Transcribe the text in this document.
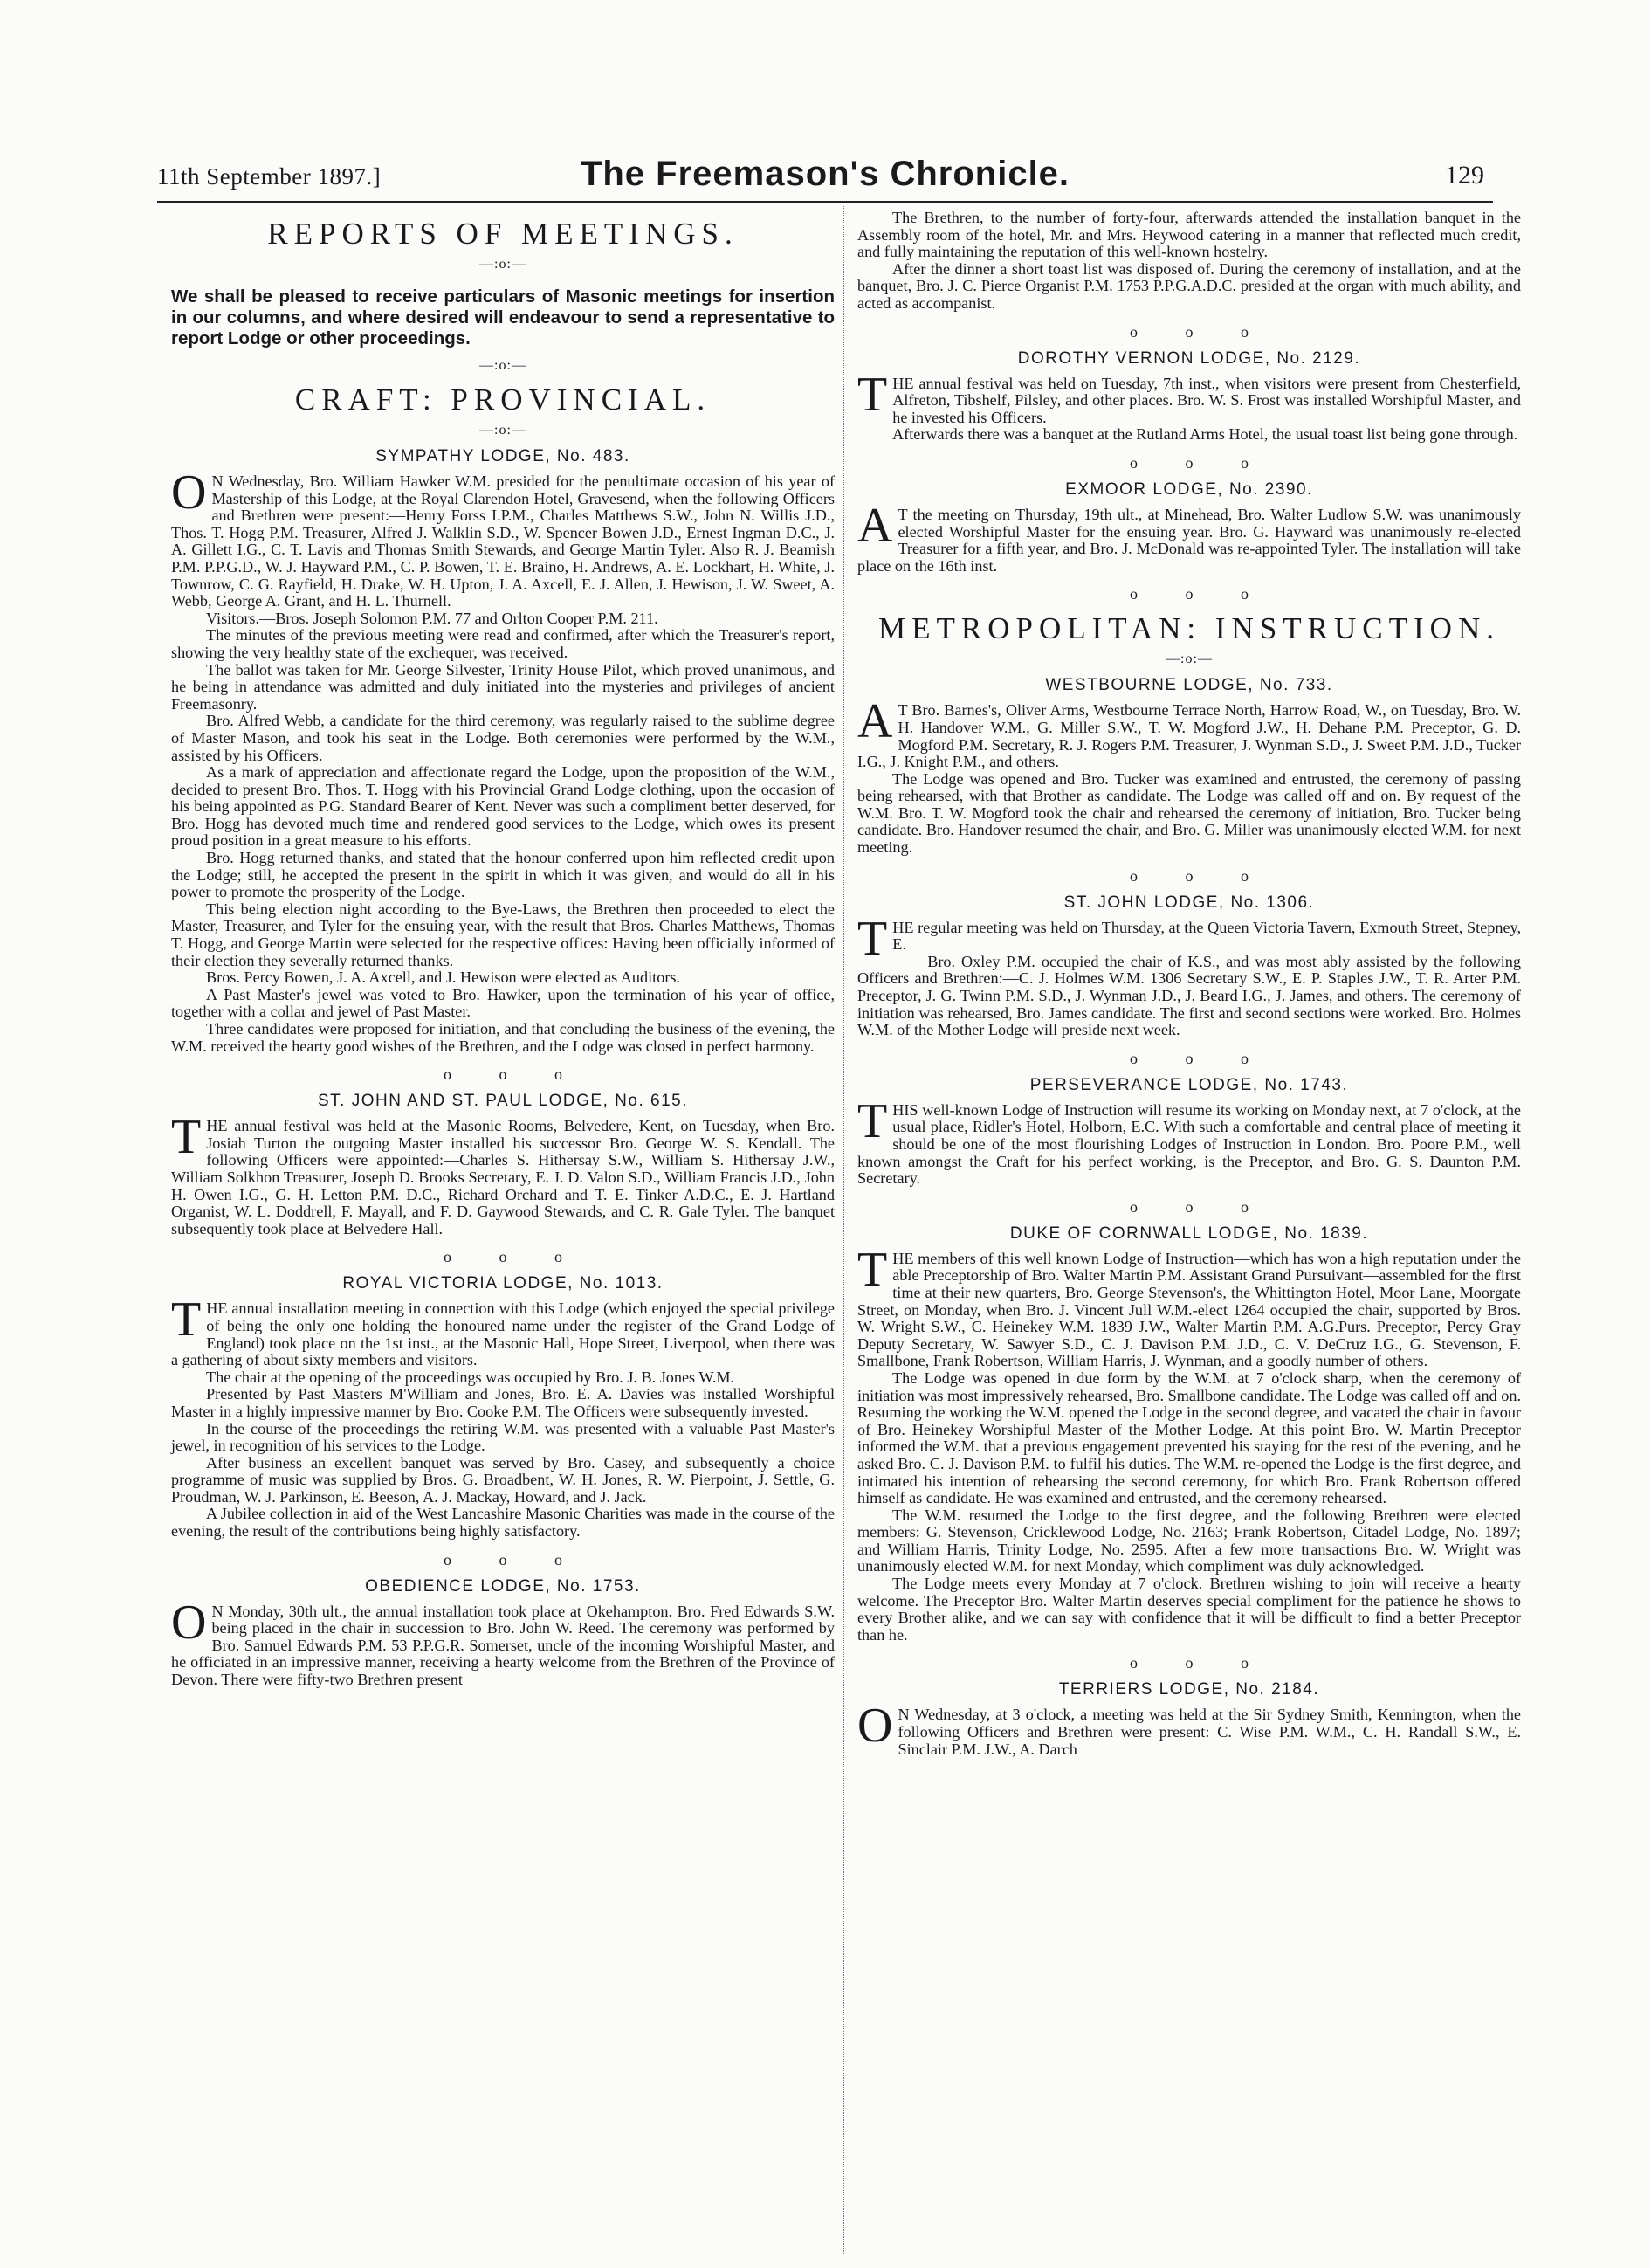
11th September 1897.]	The Freemason's Chronicle.	129
REPORTS OF MEETINGS.
—:o:—
We shall be pleased to receive particulars of Masonic meetings for insertion in our columns, and where desired will endeavour to send a representative to report Lodge or other proceedings.
—:o:—
CRAFT: PROVINCIAL.
—:o:—
SYMPATHY LODGE, No. 483.

O N Wednesday, Bro. William Hawker W.M. presided for the penultimate occasion of his year of Mastership of this Lodge, at the Royal Clarendon Hotel, Gravesend, when the following Officers and Brethren were present:—Henry Forss I.P.M., Charles Matthews S.W., John N. Willis J.D., Thos. T. Hogg P.M. Treasurer, Alfred J. Walklin S.D., W. Spencer Bowen J.D., Ernest Ingman D.C., J. A. Gillett I.G., C. T. Lavis and Thomas Smith Stewards, and George Martin Tyler. Also R. J. Beamish P.M. P.P.G.D., W. J. Hayward P.M., C. P. Bowen, T. E. Braino, H. Andrews, A. E. Lockhart, H. White, J. Townrow, C. G. Rayfield, H. Drake, W. H. Upton, J. A. Axcell, E. J. Allen, J. Hewison, J. W. Sweet, A. Webb, George A. Grant, and H. L. Thurnell.

Visitors.—Bros. Joseph Solomon P.M. 77 and Orlton Cooper P.M. 211.

The minutes of the previous meeting were read and confirmed, after which the Treasurer's report, showing the very healthy state of the exchequer, was received.

The ballot was taken for Mr. George Silvester, Trinity House Pilot, which proved unanimous, and he being in attendance was admitted and duly initiated into the mysteries and privileges of ancient Freemasonry.

Bro. Alfred Webb, a candidate for the third ceremony, was regularly raised to the sublime degree of Master Mason, and took his seat in the Lodge. Both ceremonies were performed by the W.M., assisted by his Officers.

As a mark of appreciation and affectionate regard the Lodge, upon the proposition of the W.M., decided to present Bro. Thos. T. Hogg with his Provincial Grand Lodge clothing, upon the occasion of his being appointed as P.G. Standard Bearer of Kent. Never was such a compliment better deserved, for Bro. Hogg has devoted much time and rendered good services to the Lodge, which owes its present proud position in a great measure to his efforts.

Bro. Hogg returned thanks, and stated that the honour conferred upon him reflected credit upon the Lodge; still, he accepted the present in the spirit in which it was given, and would do all in his power to promote the prosperity of the Lodge.

This being election night according to the Bye-Laws, the Brethren then proceeded to elect the Master, Treasurer, and Tyler for the ensuing year, with the result that Bros. Charles Matthews, Thomas T. Hogg, and George Martin were selected for the respective offices: Having been officially informed of their election they severally returned thanks.

Bros. Percy Bowen, J. A. Axcell, and J. Hewison were elected as Auditors.

A Past Master's jewel was voted to Bro. Hawker, upon the termination of his year of office, together with a collar and jewel of Past Master.

Three candidates were proposed for initiation, and that concluding the business of the evening, the W.M. received the hearty good wishes of the Brethren, and the Lodge was closed in perfect harmony.

o o o
ST. JOHN AND ST. PAUL LODGE, No. 615.

THE annual festival was held at the Masonic Rooms, Belvedere, Kent, on Tuesday, when Bro. Josiah Turton the outgoing Master installed his successor Bro. George W. S. Kendall. The following Officers were appointed:—Charles S. Hithersay S.W., William S. Hithersay J.W., William Solkhon Treasurer, Joseph D. Brooks Secretary, E. J. D. Valon S.D., William Francis J.D., John H. Owen I.G., G. H. Letton P.M. D.C., Richard Orchard and T. E. Tinker A.D.C., E. J. Hartland Organist, W. L. Doddrell, F. Mayall, and F. D. Gaywood Stewards, and C. R. Gale Tyler. The banquet subsequently took place at Belvedere Hall.

o o o
ROYAL VICTORIA LODGE, No. 1013.

THE annual installation meeting in connection with this Lodge (which enjoyed the special privilege of being the only one holding the honoured name under the register of the Grand Lodge of England) took place on the 1st inst., at the Masonic Hall, Hope Street, Liverpool, when there was a gathering of about sixty members and visitors.

The chair at the opening of the proceedings was occupied by Bro. J. B. Jones W.M.

Presented by Past Masters M'William and Jones, Bro. E. A. Davies was installed Worshipful Master in a highly impressive manner by Bro. Cooke P.M. The Officers were subsequently invested.

In the course of the proceedings the retiring W.M. was presented with a valuable Past Master's jewel, in recognition of his services to the Lodge.

After business an excellent banquet was served by Bro. Casey, and subsequently a choice programme of music was supplied by Bros. G. Broadbent, W. H. Jones, R. W. Pierpoint, J. Settle, G. Proudman, W. J. Parkinson, E. Beeson, A. J. Mackay, Howard, and J. Jack.

A Jubilee collection in aid of the West Lancashire Masonic Charities was made in the course of the evening, the result of the contributions being highly satisfactory.

o o o
OBEDIENCE LODGE, No. 1753.

O N Monday, 30th ult., the annual installation took place at Okehampton. Bro. Fred Edwards S.W. being placed in the chair in succession to Bro. John W. Reed. The ceremony was performed by Bro. Samuel Edwards P.M. 53 P.P.G.R. Somerset, uncle of the incoming Worshipful Master, and he officiated in an impressive manner, receiving a hearty welcome from the Brethren of the Province of Devon. There were fifty-two Brethren present

The Brethren, to the number of forty-four, afterwards attended the installation banquet in the Assembly room of the hotel, Mr. and Mrs. Heywood catering in a manner that reflected much credit, and fully maintaining the reputation of this well-known hostelry.

After the dinner a short toast list was disposed of. During the ceremony of installation, and at the banquet, Bro. J. C. Pierce Organist P.M. 1753 P.P.G.A.D.C. presided at the organ with much ability, and acted as accompanist.

o o o
DOROTHY VERNON LODGE, No. 2129.

THE annual festival was held on Tuesday, 7th inst., when visitors were present from Chesterfield, Alfreton, Tibshelf, Pilsley, and other places. Bro. W. S. Frost was installed Worshipful Master, and he invested his Officers.

Afterwards there was a banquet at the Rutland Arms Hotel, the usual toast list being gone through.

o o o
EXMOOR LODGE, No. 2390.

A T the meeting on Thursday, 19th ult., at Minehead, Bro. Walter Ludlow S.W. was unanimously elected Worshipful Master for the ensuing year. Bro. G. Hayward was unanimously re-elected Treasurer for a fifth year, and Bro. J. McDonald was re-appointed Tyler. The installation will take place on the 16th inst.

o o o
METROPOLITAN: INSTRUCTION.
—:o:—
WESTBOURNE LODGE, No. 733.

A T Bro. Barnes's, Oliver Arms, Westbourne Terrace North, Harrow Road, W., on Tuesday, Bro. W. H. Handover W.M., G. Miller S.W., T. W. Mogford J.W., H. Dehane P.M. Preceptor, G. D. Mogford P.M. Secretary, R. J. Rogers P.M. Treasurer, J. Wynman S.D., J. Sweet P.M. J.D., Tucker I.G., J. Knight P.M., and others.

The Lodge was opened and Bro. Tucker was examined and entrusted, the ceremony of passing being rehearsed, with that Brother as candidate. The Lodge was called off and on. By request of the W.M. Bro. T. W. Mogford took the chair and rehearsed the ceremony of initiation, Bro. Tucker being candidate. Bro. Handover resumed the chair, and Bro. G. Miller was unanimously elected W.M. for next meeting.

o o o
ST. JOHN LODGE, No. 1306.

THE regular meeting was held on Thursday, at the Queen Victoria Tavern, Exmouth Street, Stepney, E.

Bro. Oxley P.M. occupied the chair of K.S., and was most ably assisted by the following Officers and Brethren:—C. J. Holmes W.M. 1306 Secretary S.W., E. P. Staples J.W., T. R. Arter P.M. Preceptor, J. G. Twinn P.M. S.D., J. Wynman J.D., J. Beard I.G., J. James, and others. The ceremony of initiation was rehearsed, Bro. James candidate. The first and second sections were worked. Bro. Holmes W.M. of the Mother Lodge will preside next week.

o o o
PERSEVERANCE LODGE, No. 1743.

THIS well-known Lodge of Instruction will resume its working on Monday next, at 7 o'clock, at the usual place, Ridler's Hotel, Holborn, E.C. With such a comfortable and central place of meeting it should be one of the most flourishing Lodges of Instruction in London. Bro. Poore P.M., well known amongst the Craft for his perfect working, is the Preceptor, and Bro. G. S. Daunton P.M. Secretary.

o o o
DUKE OF CORNWALL LODGE, No. 1839.

THE members of this well known Lodge of Instruction—which has won a high reputation under the able Preceptorship of Bro. Walter Martin P.M. Assistant Grand Pursuivant—assembled for the first time at their new quarters, Bro. George Stevenson's, the Whittington Hotel, Moor Lane, Moorgate Street, on Monday, when Bro. J. Vincent Jull W.M.-elect 1264 occupied the chair, supported by Bros. W. Wright S.W., C. Heinekey W.M. 1839 J.W., Walter Martin P.M. A.G.Purs. Preceptor, Percy Gray Deputy Secretary, W. Sawyer S.D., C. J. Davison P.M. J.D., C. V. DeCruz I.G., G. Stevenson, F. Smallbone, Frank Robertson, William Harris, J. Wynman, and a goodly number of others.

The Lodge was opened in due form by the W.M. at 7 o'clock sharp, when the ceremony of initiation was most impressively rehearsed, Bro. Smallbone candidate. The Lodge was called off and on. Resuming the working the W.M. opened the Lodge in the second degree, and vacated the chair in favour of Bro. Heinekey Worshipful Master of the Mother Lodge. At this point Bro. W. Martin Preceptor informed the W.M. that a previous engagement prevented his staying for the rest of the evening, and he asked Bro. C. J. Davison P.M. to fulfil his duties. The W.M. re-opened the Lodge is the first degree, and intimated his intention of rehearsing the second ceremony, for which Bro. Frank Robertson offered himself as candidate. He was examined and entrusted, and the ceremony rehearsed.

The W.M. resumed the Lodge to the first degree, and the following Brethren were elected members: G. Stevenson, Cricklewood Lodge, No. 2163; Frank Robertson, Citadel Lodge, No. 1897; and William Harris, Trinity Lodge, No. 2595. After a few more transactions Bro. W. Wright was unanimously elected W.M. for next Monday, which compliment was duly acknowledged.

The Lodge meets every Monday at 7 o'clock. Brethren wishing to join will receive a hearty welcome. The Preceptor Bro. Walter Martin deserves special compliment for the patience he shows to every Brother alike, and we can say with confidence that it will be difficult to find a better Preceptor than he.

o o o
TERRIERS LODGE, No. 2184.

O N Wednesday, at 3 o'clock, a meeting was held at the Sir Sydney Smith, Kennington, when the following Officers and Brethren were present: C. Wise P.M. W.M., C. H. Randall S.W., E. Sinclair P.M. J.W., A. Darch
